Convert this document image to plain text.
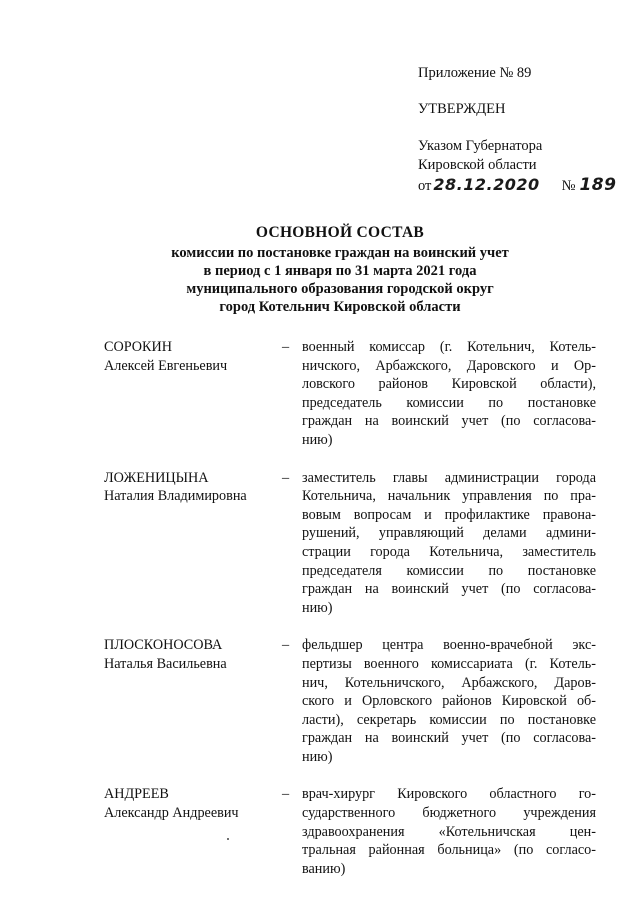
Приложение № 89
УТВЕРЖДЕН
Указом Губернатора
Кировской области
от 28.12.2020 № 189
ОСНОВНОЙ СОСТАВ
комиссии по постановке граждан на воинский учет
в период с 1 января по 31 марта 2021 года
муниципального образования городской округ
город Котельнич Кировской области
СОРОКИН
Алексей Евгеньевич
– военный комиссар (г. Котельнич, Котель-
ничского, Арбажского, Даровского и Ор-
ловского районов Кировской области),
председатель комиссии по постановке
граждан на воинский учет (по согласова-
нию)
ЛОЖЕНИЦЫНА
Наталия Владимировна
– заместитель главы администрации города
Котельнича, начальник управления по пра-
вовым вопросам и профилактике правона-
рушений, управляющий делами админи-
страции города Котельнича, заместитель
председателя комиссии по постановке
граждан на воинский учет (по согласова-
нию)
ПЛОСКОНОСОВА
Наталья Васильевна
– фельдшер центра военно-врачебной экс-
пертизы военного комиссариата (г. Котель-
нич, Котельничского, Арбажского, Даров-
ского и Орловского районов Кировской об-
ласти), секретарь комиссии по постановке
граждан на воинский учет (по согласова-
нию)
АНДРЕЕВ
Александр Андреевич
– врач-хирург Кировского областного го-
сударственного бюджетного учреждения
здравоохранения «Котельничская цен-
тральная районная больница» (по согласо-
ванию)
